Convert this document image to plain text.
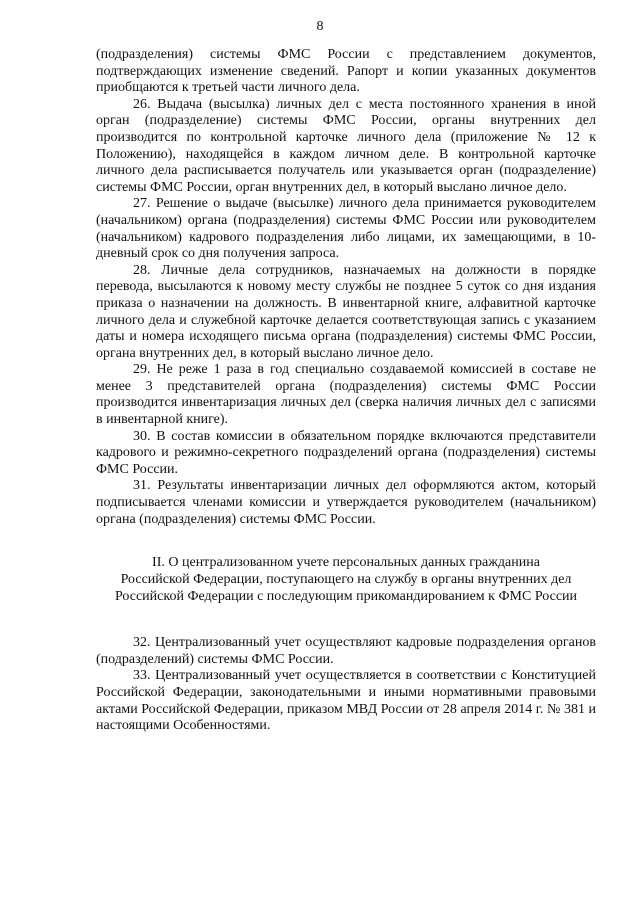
8

(подразделения) системы ФМС России с представлением документов, подтверждающих изменение сведений. Рапорт и копии указанных документов приобщаются к третьей части личного дела.

26. Выдача (высылка) личных дел с места постоянного хранения в иной орган (подразделение) системы ФМС России, органы внутренних дел производится по контрольной карточке личного дела (приложение № 12 к Положению), находящейся в каждом личном деле. В контрольной карточке личного дела расписывается получатель или указывается орган (подразделение) системы ФМС России, орган внутренних дел, в который выслано личное дело.

27. Решение о выдаче (высылке) личного дела принимается руководителем (начальником) органа (подразделения) системы ФМС России или руководителем (начальником) кадрового подразделения либо лицами, их замещающими, в 10-дневный срок со дня получения запроса.

28. Личные дела сотрудников, назначаемых на должности в порядке перевода, высылаются к новому месту службы не позднее 5 суток со дня издания приказа о назначении на должность. В инвентарной книге, алфавитной карточке личного дела и служебной карточке делается соответствующая запись с указанием даты и номера исходящего письма органа (подразделения) системы ФМС России, органа внутренних дел, в который выслано личное дело.

29. Не реже 1 раза в год специально создаваемой комиссией в составе не менее 3 представителей органа (подразделения) системы ФМС России производится инвентаризация личных дел (сверка наличия личных дел с записями в инвентарной книге).

30. В состав комиссии в обязательном порядке включаются представители кадрового и режимно-секретного подразделений органа (подразделения) системы ФМС России.

31. Результаты инвентаризации личных дел оформляются актом, который подписывается членами комиссии и утверждается руководителем (начальником) органа (подразделения) системы ФМС России.

II. О централизованном учете персональных данных гражданина
Российской Федерации, поступающего на службу в органы внутренних дел
Российской Федерации с последующим прикомандированием к ФМС России

32. Централизованный учет осуществляют кадровые подразделения органов (подразделений) системы ФМС России.

33. Централизованный учет осуществляется в соответствии с Конституцией Российской Федерации, законодательными и иными нормативными правовыми актами Российской Федерации, приказом МВД России от 28 апреля 2014 г. № 381 и настоящими Особенностями.
